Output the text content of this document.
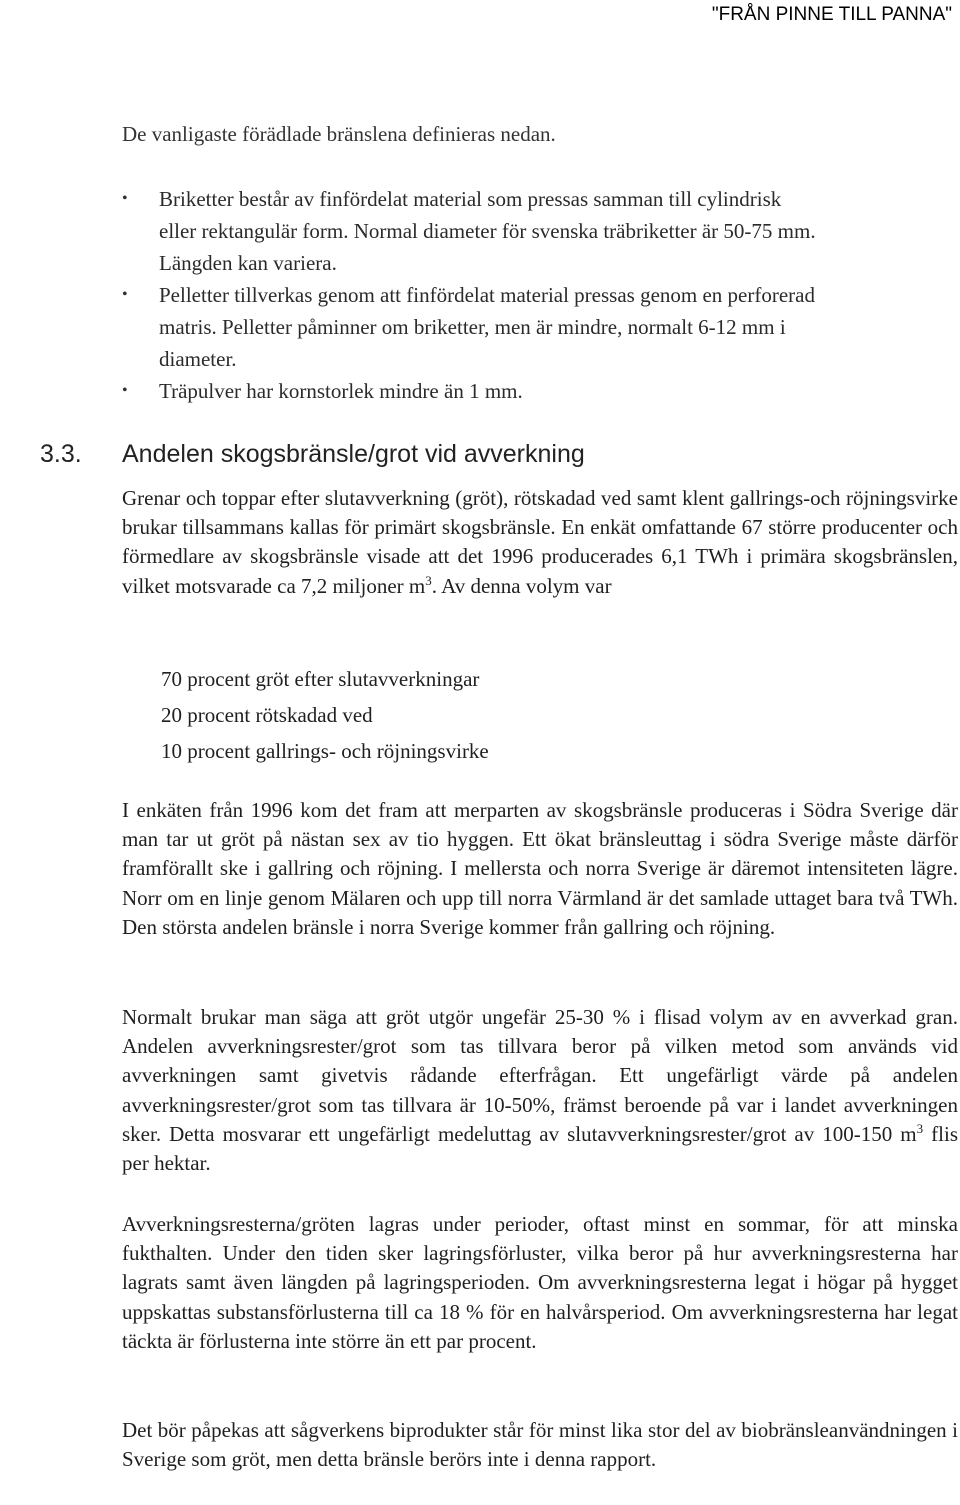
"FRÅN PINNE TILL PANNA"

De vanligaste förädlade bränslena definieras nedan.

• Briketter består av finfördelat material som pressas samman till cylindrisk
eller rektangulär form. Normal diameter för svenska träbriketter är 50-75 mm.
Längden kan variera.
• Pelletter tillverkas genom att finfördelat material pressas genom en perforerad
matris. Pelletter påminner om briketter, men är mindre, normalt 6-12 mm i
diameter.
• Träpulver har kornstorlek mindre än 1 mm.
3.3. Andelen skogsbränsle/grot vid avverkning

Grenar och toppar efter slutavverkning (gröt), rötskadad ved samt klent gallrings-och röjningsvirke brukar tillsammans kallas för primärt skogsbränsle. En enkät omfattande 67 större producenter och förmedlare av skogsbränsle visade att det 1996 producerades 6,1 TWh i primära skogsbränslen, vilket motsvarade ca 7,2 miljoner $m^3$. Av denna volym var

70 procent gröt efter slutavverkningar
20 procent rötskadad ved
10 procent gallrings- och röjningsvirke

I enkäten från 1996 kom det fram att merparten av skogsbränsle produceras i Södra Sverige där man tar ut gröt på nästan sex av tio hyggen. Ett ökat bränsleuttag i södra Sverige måste därför framförallt ske i gallring och röjning. I mellersta och norra Sverige är däremot intensiteten lägre. Norr om en linje genom Mälaren och upp till norra Värmland är det samlade uttaget bara två TWh. Den största andelen bränsle i norra Sverige kommer från gallring och röjning.

Normalt brukar man säga att gröt utgör ungefär 25-30 % i flisad volym av en avverkad gran. Andelen avverkningsrester/grot som tas tillvara beror på vilken metod som används vid avverkningen samt givetvis rådande efterfrågan. Ett ungefärligt värde på andelen avverkningsrester/grot som tas tillvara är 10-50%, främst beroende på var i landet avverkningen sker. Detta mosvarar ett ungefärligt medeluttag av slutavverkningsrester/grot av 100-150 $m^3$ flis per hektar.

Avverkningsresterna/gröten lagras under perioder, oftast minst en sommar, för att minska fukthalten. Under den tiden sker lagringsförluster, vilka beror på hur avverkningsresterna har lagrats samt även längden på lagringsperioden. Om avverkningsresterna legat i högar på hygget uppskattas substansförlusterna till ca 18 % för en halvårsperiod. Om avverkningsresterna har legat täckta är förlusterna inte större än ett par procent.

Det bör påpekas att sågverkens biprodukter står för minst lika stor del av biobränsleanvändningen i Sverige som gröt, men detta bränsle berörs inte i denna rapport.
